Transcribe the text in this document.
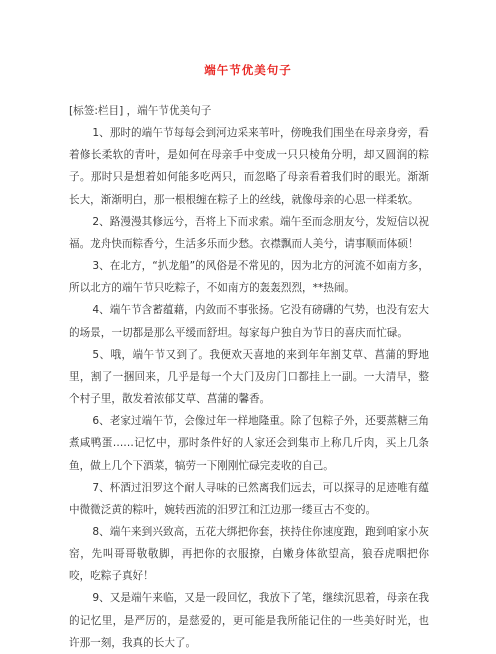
端午节优美句子

[标签:栏目] ，端午节优美句子

1、那时的端午节每每会到河边采来苇叶，傍晚我们围坐在母亲身旁，看着修长柔软的青叶，是如何在母亲手中变成一只只棱角分明，却又圆润的粽子。那时只是想着如何能多吃两只，而忽略了母亲看着我们时的眼光。渐渐长大，渐渐明白，那一根根缠在粽子上的丝线，就像母亲的心思一样柔软。

2、路漫漫其修远兮，吾将上下而求索。端午至而念朋友兮，发短信以祝福。龙舟快而粽香兮，生活多乐而少愁。衣襟飘而人美兮，请事顺而体硕！

3、在北方，“扒龙船”的风俗是不常见的，因为北方的河流不如南方多，所以北方的端午节只吃粽子，不如南方的轰轰烈烈，**热闹。

4、端午节含蓄蕴藉，内敛而不事张扬。它没有磅礴的气势，也没有宏大的场景，一切都是那么平缓而舒坦。每家每户独自为节日的喜庆而忙碌。

5、哦，端午节又到了。我便欢天喜地的来到年年割艾草、菖蒲的野地里，割了一捆回来，几乎是每一个大门及房门口都挂上一副。一大清早，整个村子里，散发着浓郁艾草、菖蒲的馨香。

6、老家过端午节，会像过年一样地隆重。除了包粽子外，还要蒸糖三角煮咸鸭蛋……记忆中，那时条件好的人家还会到集市上称几斤肉，买上几条鱼，做上几个下酒菜，犒劳一下刚刚忙碌完麦收的自己。

7、杯酒过汨罗这个耐人寻味的已然离我们远去，可以探寻的足迹唯有蕴中微微泛黄的粽叶，婉转西流的汨罗江和江边那一缕亘古不变的。

8、端午来到兴致高，五花大绑把你套，挟持住你速度跑，跑到咱家小灰窑，先叫哥哥敬敬脚，再把你的衣服撩，白嫩身体欲望高，狼吞虎咽把你咬，吃粽子真好！

9、又是端午来临，又是一段回忆，我放下了笔，继续沉思着，母亲在我的记忆里，是严厉的，是慈爱的，更可能是我所能记住的一些美好时光，也许那一刻，我真的长大了。
